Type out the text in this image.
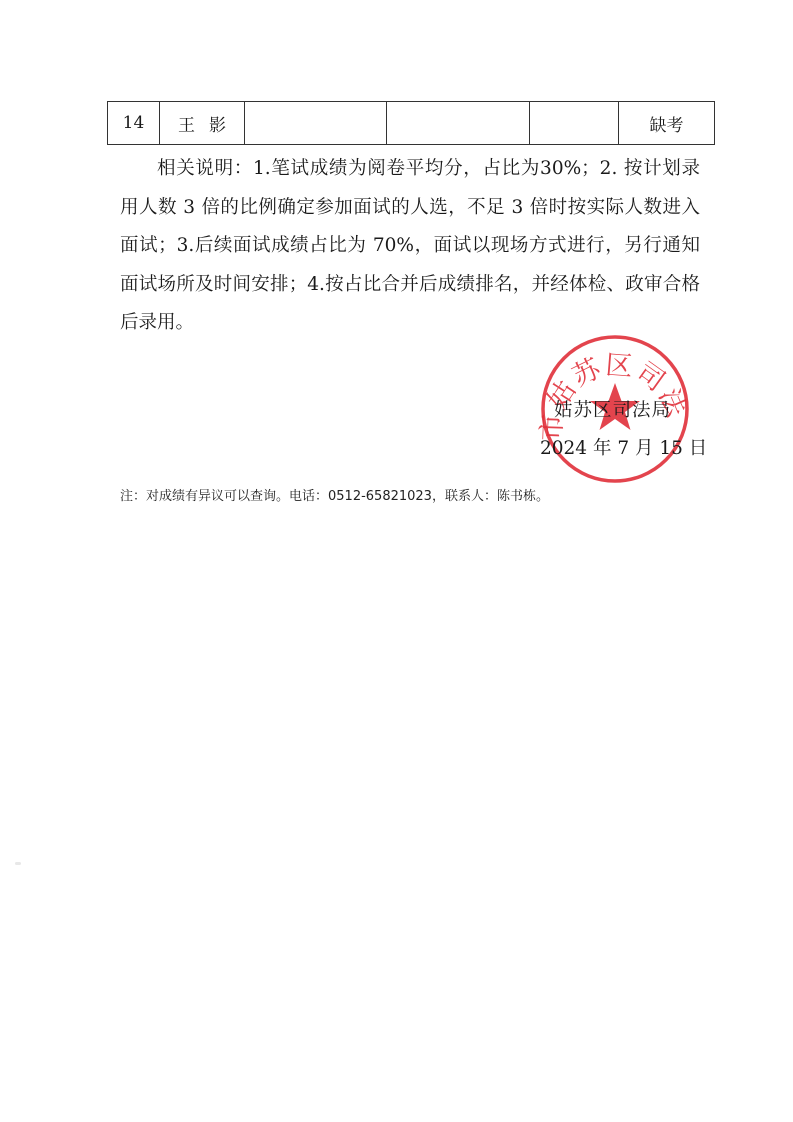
14	王影				缺考

相关说明：1.笔试成绩为阅卷平均分，占比为30%；2. 按计划录用人数 3 倍的比例确定参加面试的人选，不足 3 倍时按实际人数进入面试；3.后续面试成绩占比为 70%，面试以现场方式进行，另行通知面试场所及时间安排；4.按占比合并后成绩排名，并经体检、政审合格后录用。

市姑苏区司法
姑苏区司法局
2024 年 7 月 15 日
注：对成绩有异议可以查询。电话：0512-65821023，联系人：陈书栋。
